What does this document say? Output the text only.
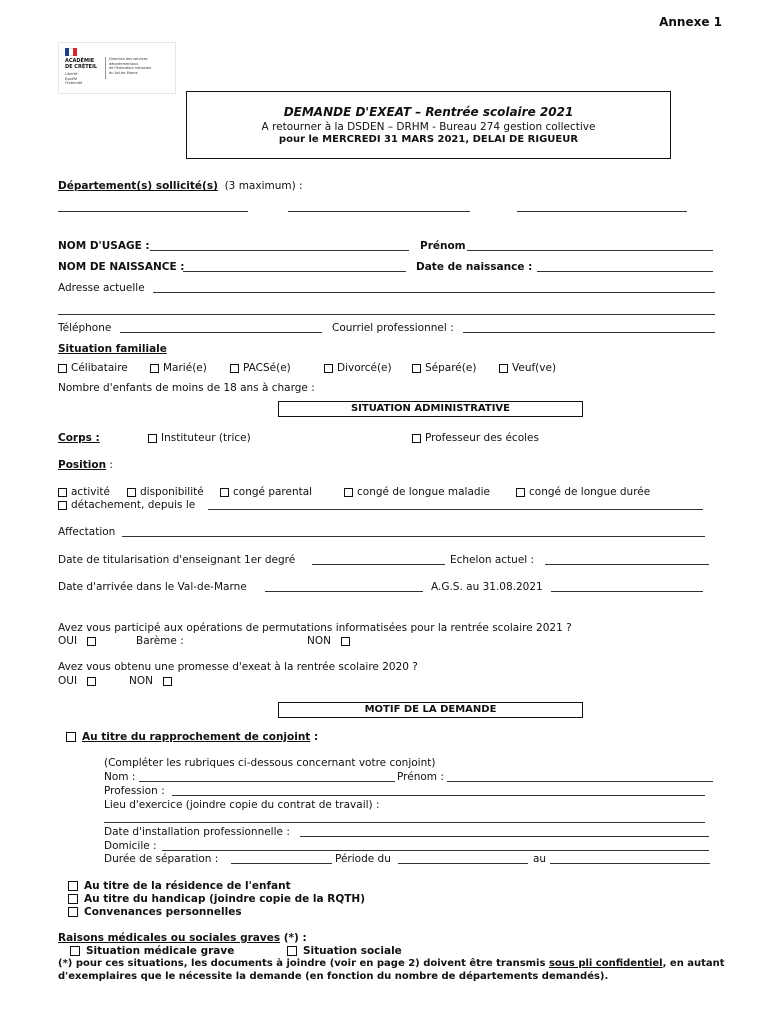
Annexe 1
ACADÉMIE
DE CRÉTEIL
Liberté
Égalité
Fraternité
Direction des services départementaux
de l'éducation nationale
du Val-de-Marne
DEMANDE D'EXEAT – Rentrée scolaire 2021
A retourner à la DSDEN – DRHM - Bureau 274 gestion collective
pour le MERCREDI 31 MARS 2021, DELAI DE RIGUEUR
Département(s) sollicité(s) (3 maximum) :
NOM D'USAGE :	Prénom
NOM DE NAISSANCE :	Date de naissance :
Adresse actuelle
Téléphone	Courriel professionnel :
Situation familiale
Célibataire	Marié(e)	PACSé(e)	Divorcé(e)	Séparé(e)	Veuf(ve)
Nombre d'enfants de moins de 18 ans à charge :
SITUATION ADMINISTRATIVE
Corps :	Instituteur (trice)	Professeur des écoles
Position :
activité	disponibilité	congé parental	congé de longue maladie	congé de longue durée
détachement, depuis le
Affectation
Date de titularisation d'enseignant 1er degré	Echelon actuel :
Date d'arrivée dans le Val-de-Marne	A.G.S. au 31.08.2021
Avez vous participé aux opérations de permutations informatisées pour la rentrée scolaire 2021 ?
OUI	Barème :	NON
Avez vous obtenu une promesse d'exeat à la rentrée scolaire 2020 ?
OUI	NON
MOTIF DE LA DEMANDE
Au titre du rapprochement de conjoint :
(Compléter les rubriques ci-dessous concernant votre conjoint)
Nom :	Prénom :
Profession :
Lieu d'exercice (joindre copie du contrat de travail) :
Date d'installation professionnelle :
Domicile :
Durée de séparation :	Période du	au
Au titre de la résidence de l'enfant
Au titre du handicap (joindre copie de la RQTH)
Convenances personnelles
Raisons médicales ou sociales graves (*) :
Situation médicale grave	Situation sociale
(*) pour ces situations, les documents à joindre (voir en page 2) doivent être transmis sous pli confidentiel, en autant
d'exemplaires que le nécessite la demande (en fonction du nombre de départements demandés).
